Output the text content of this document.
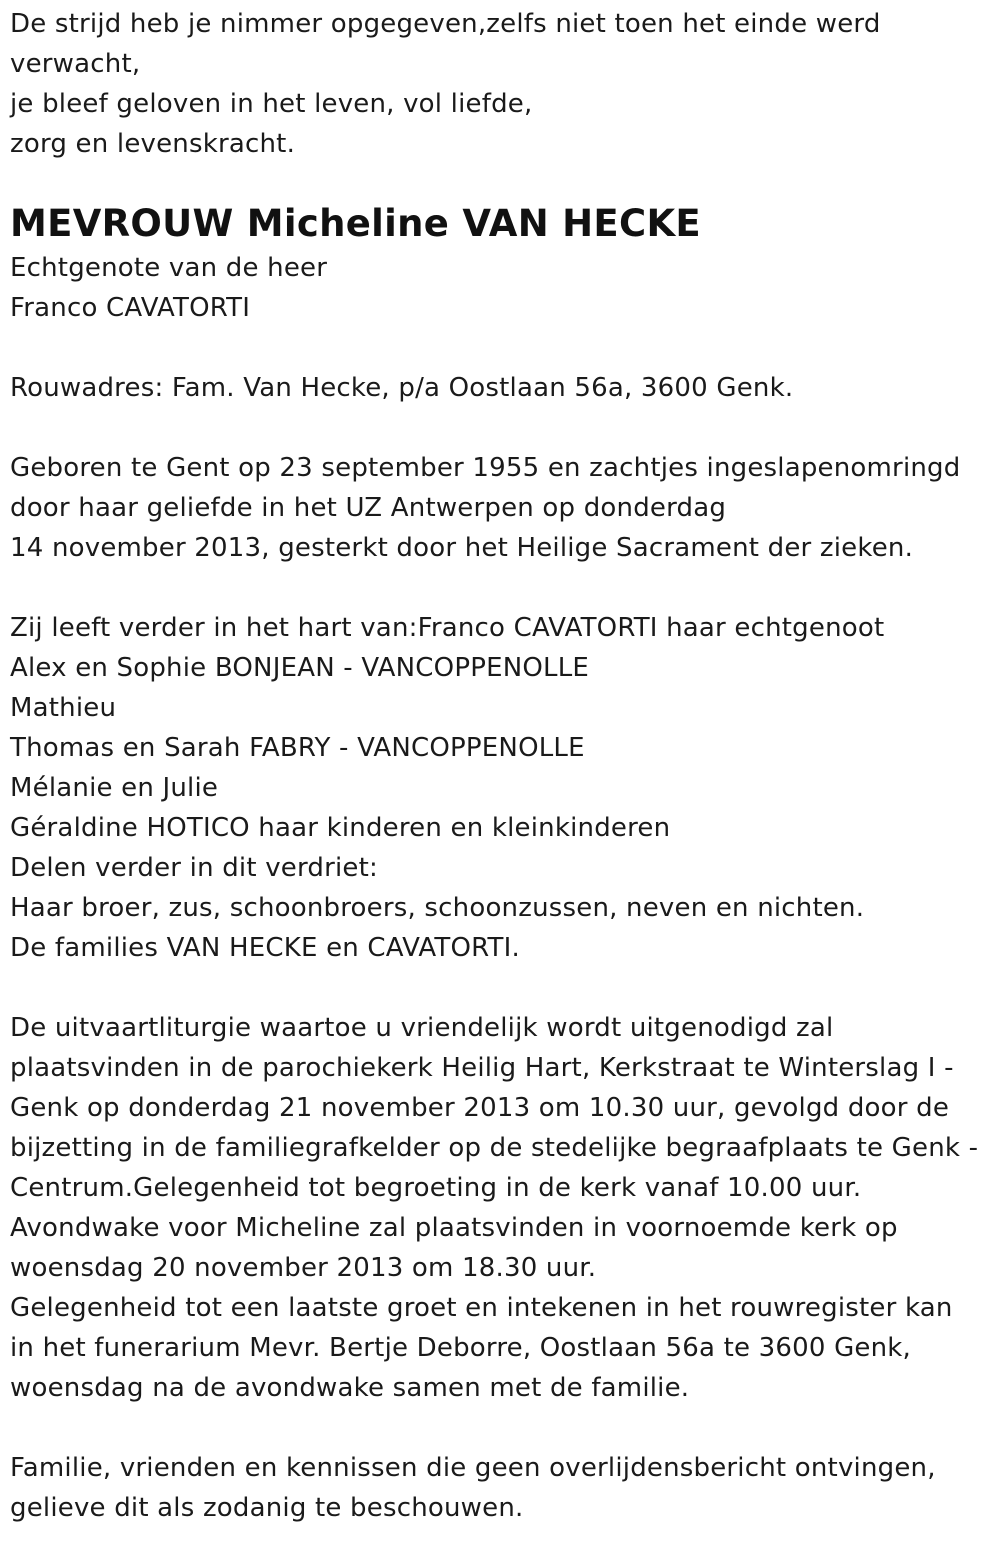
De strijd heb je nimmer opgegeven,zelfs niet toen het einde werd
verwacht,
je bleef geloven in het leven, vol liefde,
zorg en levenskracht.
MEVROUW Micheline VAN HECKE
Echtgenote van de heer
Franco CAVATORTI
Rouwadres: Fam. Van Hecke, p/a Oostlaan 56a, 3600 Genk.
Geboren te Gent op 23 september 1955 en zachtjes ingeslapenomringd
door haar geliefde in het UZ Antwerpen op donderdag
14 november 2013, gesterkt door het Heilige Sacrament der zieken.
Zij leeft verder in het hart van:Franco CAVATORTI haar echtgenoot
Alex en Sophie BONJEAN - VANCOPPENOLLE
Mathieu
Thomas en Sarah FABRY - VANCOPPENOLLE
Mélanie en Julie
Géraldine HOTICO haar kinderen en kleinkinderen
Delen verder in dit verdriet:
Haar broer, zus, schoonbroers, schoonzussen, neven en nichten.
De families VAN HECKE en CAVATORTI.
De uitvaartliturgie waartoe u vriendelijk wordt uitgenodigd zal
plaatsvinden in de parochiekerk Heilig Hart, Kerkstraat te Winterslag I -
Genk op donderdag 21 november 2013 om 10.30 uur, gevolgd door de
bijzetting in de familiegrafkelder op de stedelijke begraafplaats te Genk -
Centrum.Gelegenheid tot begroeting in de kerk vanaf 10.00 uur.
Avondwake voor Micheline zal plaatsvinden in voornoemde kerk op
woensdag 20 november 2013 om 18.30 uur.
Gelegenheid tot een laatste groet en intekenen in het rouwregister kan
in het funerarium Mevr. Bertje Deborre, Oostlaan 56a te 3600 Genk,
woensdag na de avondwake samen met de familie.
Familie, vrienden en kennissen die geen overlijdensbericht ontvingen,
gelieve dit als zodanig te beschouwen.
